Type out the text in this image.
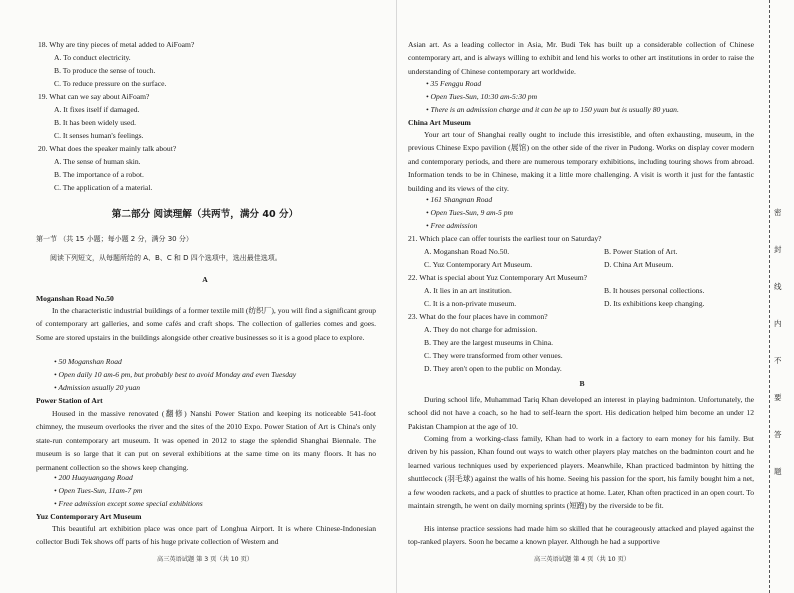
18. Why are tiny pieces of metal added to AiFoam?
A. To conduct electricity.
B. To produce the sense of touch.
C. To reduce pressure on the surface.
19. What can we say about AiFoam?
A. It fixes itself if damaged.
B. It has been widely used.
C. It senses human's feelings.
20. What does the speaker mainly talk about?
A. The sense of human skin.
B. The importance of a robot.
C. The application of a material.
第二部分 阅读理解（共两节，满分 40 分）
第一节 （共 15 小题；每小题 2 分，满分 30 分）
阅读下列短文，从每题所给的 A、B、C 和 D 四个选项中，选出最佳选项。
A
Moganshan Road No.50
In the characteristic industrial buildings of a former textile mill (纺织厂), you will find a significant group of contemporary art galleries, and some cafés and craft shops. The collection of galleries comes and goes. Some are stored upstairs in the buildings alongside other creative businesses so it is a good place to explore.
• 50 Moganshan Road
• Open daily 10 am-6 pm, but probably best to avoid Monday and even Tuesday
• Admission usually 20 yuan
Power Station of Art
Housed in the massive renovated (翻修) Nanshi Power Station and keeping its noticeable 541-foot chimney, the museum overlooks the river and the sites of the 2010 Expo. Power Station of Art is China's only state-run contemporary art museum. It was opened in 2012 to stage the splendid Shanghai Biennale. The museum is so large that it can put on several exhibitions at the same time on its many floors. It has no permanent collection so the shows keep changing.
• 200 Huayuangang Road
• Open Tues-Sun, 11am-7 pm
• Free admission except some special exhibitions
Yuz Contemporary Art Museum
This beautiful art exhibition place was once part of Longhua Airport. It is where Chinese-Indonesian collector Budi Tek shows off parts of his huge private collection of Western and
高三英语试题 第 3 页（共 10 页）
Asian art. As a leading collector in Asia, Mr. Budi Tek has built up a considerable collection of Chinese contemporary art, and is always willing to exhibit and lend his works to other art institutions in order to raise the understanding of Chinese contemporary art worldwide.
• 35 Fenggu Road
• Open Tues-Sun, 10:30 am-5:30 pm
• There is an admission charge and it can be up to 150 yuan but is usually 80 yuan.
China Art Museum
Your art tour of Shanghai really ought to include this irresistible, and often exhausting, museum, in the previous Chinese Expo pavilion (展馆) on the other side of the river in Pudong. Works on display cover modern and contemporary periods, and there are numerous temporary exhibitions, including touring shows from abroad. Information tends to be in Chinese, making it a little more challenging. A visit is worth it just for the fantastic building and its views of the city.
• 161 Shangnan Road
• Open Tues-Sun, 9 am-5 pm
• Free admission
21. Which place can offer tourists the earliest tour on Saturday?
A. Moganshan Road No.50.	B. Power Station of Art.
C. Yuz Contemporary Art Museum.	D. China Art Museum.
22. What is special about Yuz Contemporary Art Museum?
A. It lies in an art institution.	B. It houses personal collections.
C. It is a non-private museum.	D. Its exhibitions keep changing.
23. What do the four places have in common?
A. They do not charge for admission.
B. They are the largest museums in China.
C. They were transformed from other venues.
D. They aren't open to the public on Monday.
B
During school life, Muhammad Tariq Khan developed an interest in playing badminton. Unfortunately, the school did not have a coach, so he had to self-learn the sport. His dedication helped him become an under 12 Pakistan Champion at the age of 10.
Coming from a working-class family, Khan had to work in a factory to earn money for his family. But driven by his passion, Khan found out ways to watch other players play matches on the badminton court and he learned various techniques used by experienced players. Meanwhile, Khan practiced badminton by hitting the shuttlecock (羽毛球) against the walls of his home. Seeing his passion for the sport, his family bought him a net, a few wooden rackets, and a pack of shuttles to practice at home. Later, Khan often practiced in an open court. To maintain strength, he went on daily morning sprints (短跑) by the riverside to be fit.
His intense practice sessions had made him so skilled that he courageously attacked and played against the top-ranked players. Soon he became a known player. Although he had a supportive
高三英语试题 第 4 页（共 10 页）
密
封
线
内
不
要
答
题
